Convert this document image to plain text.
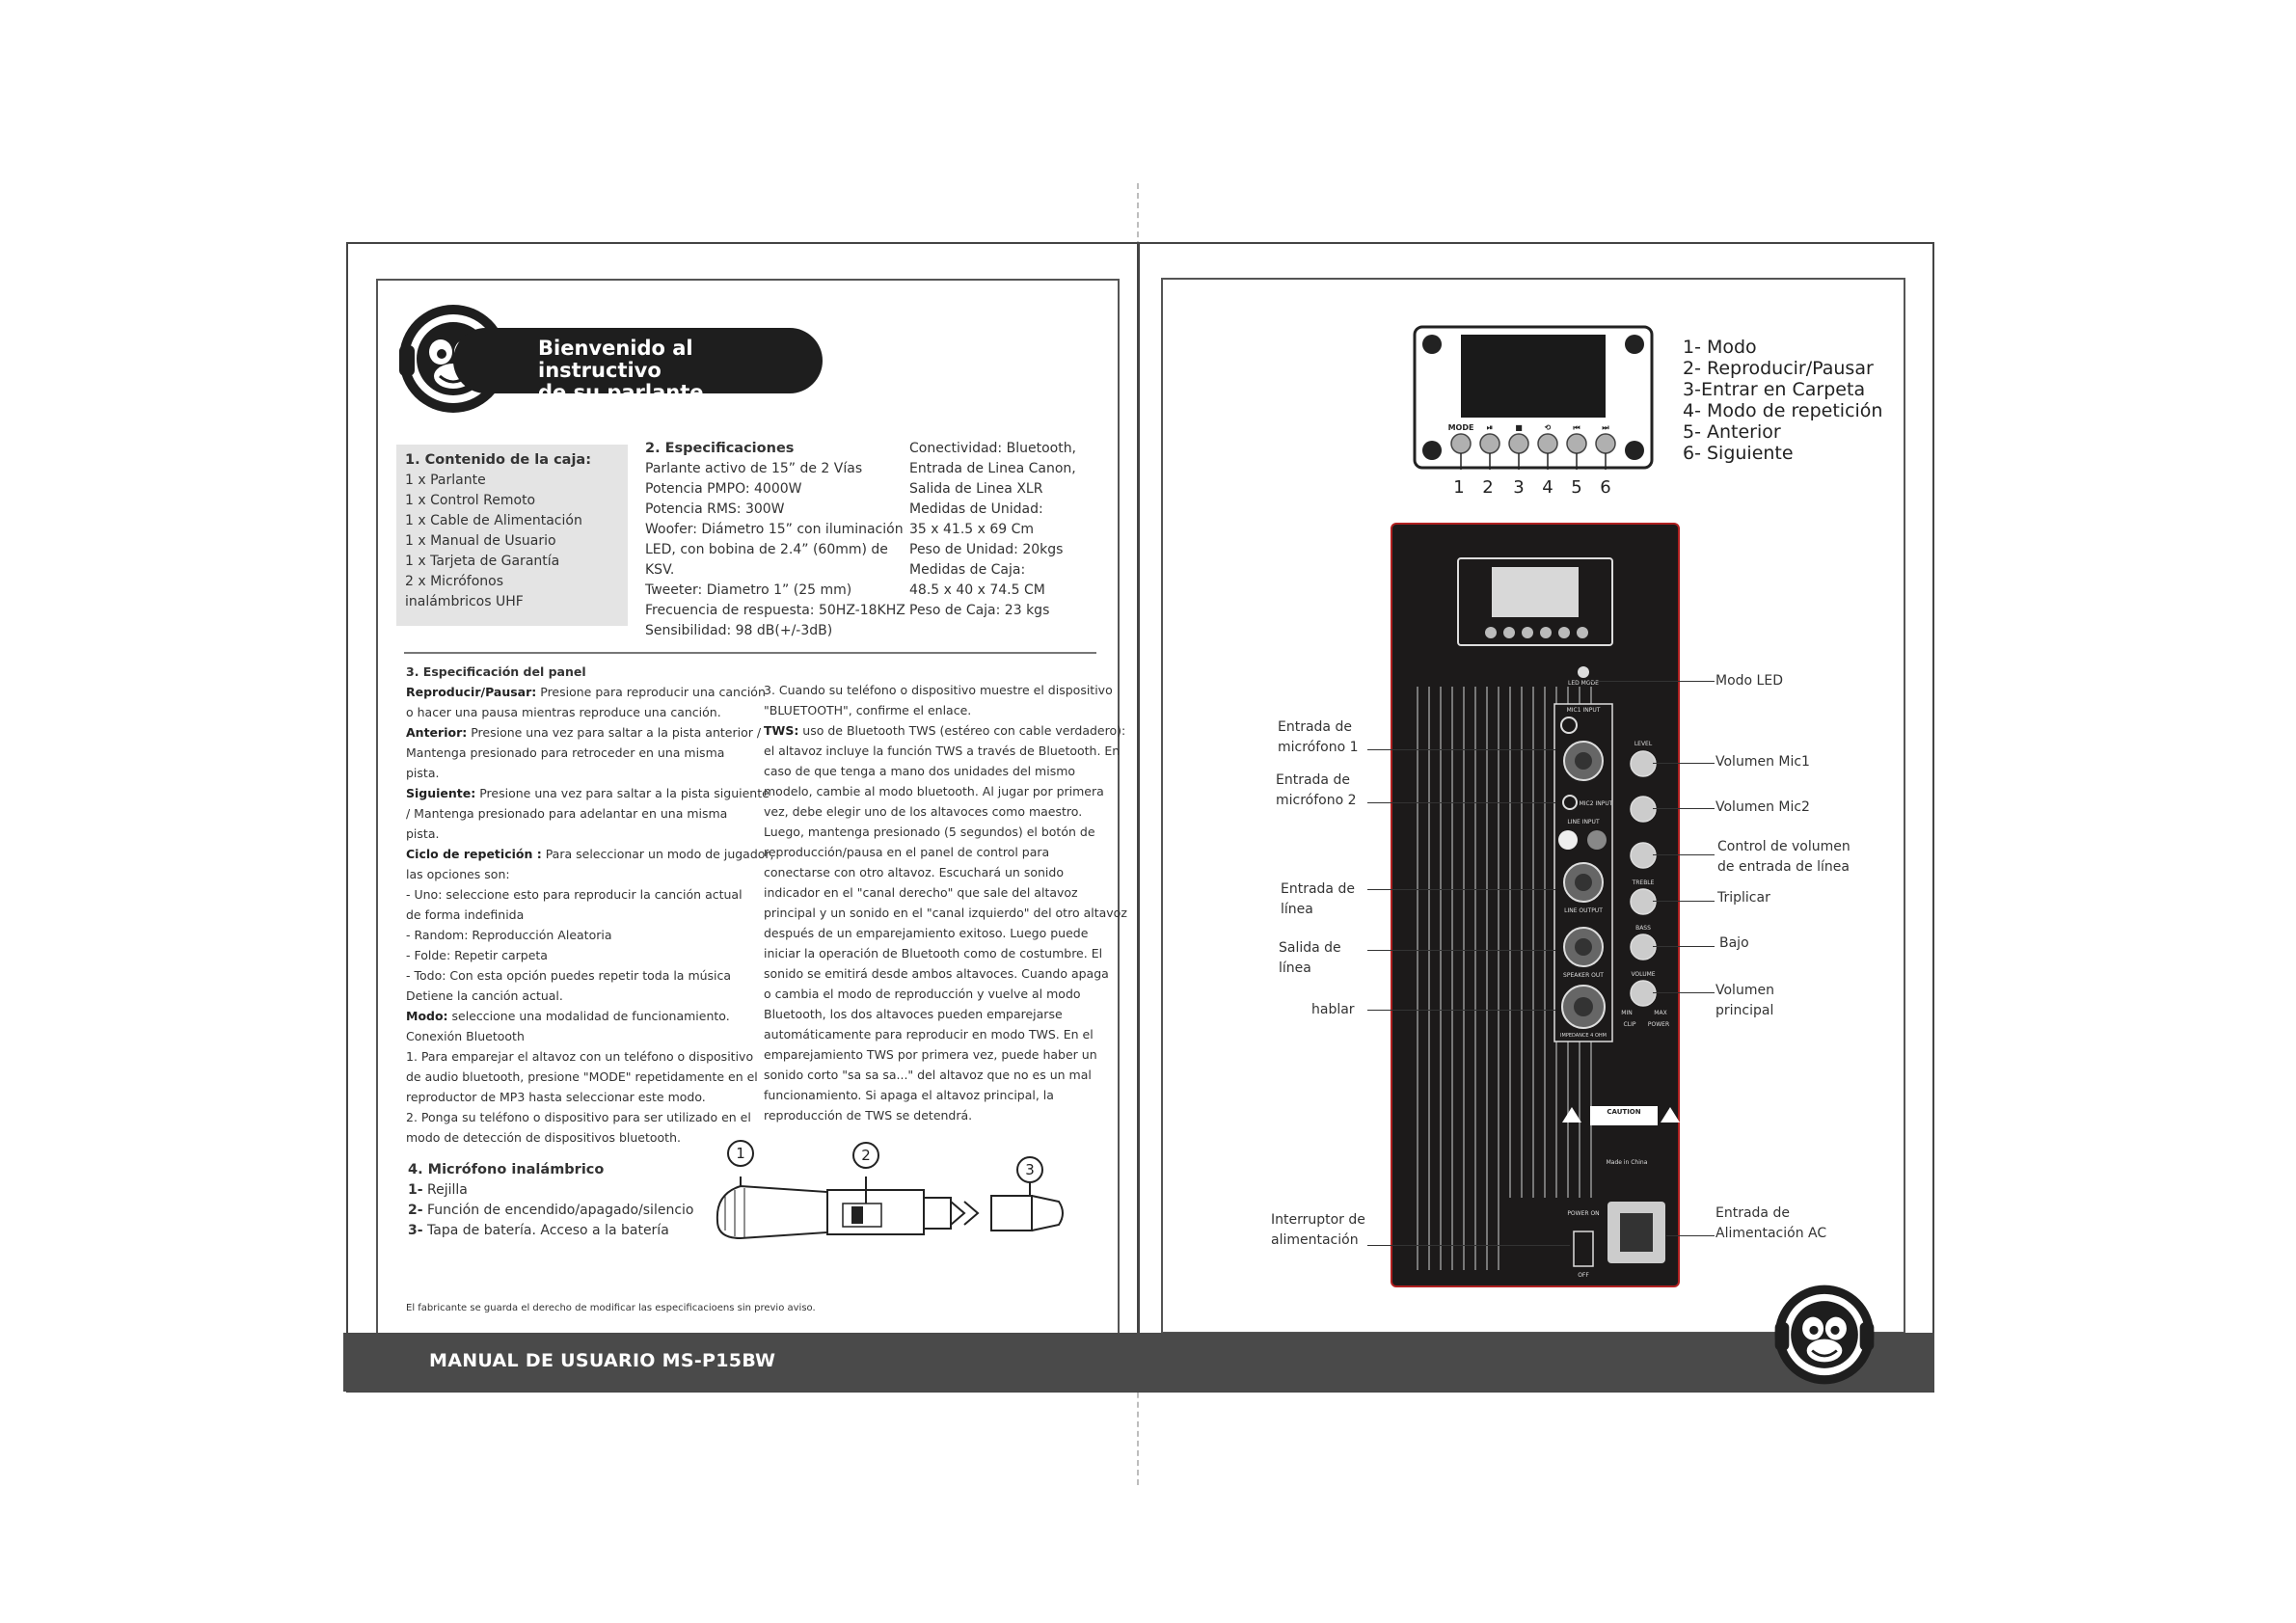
Bienvenido al instructivo
de su parlante
1. Contenido de la caja:
1 x Parlante
1 x Control Remoto
1 x Cable de Alimentación
1 x Manual de Usuario
1 x Tarjeta de Garantía
2 x Micrófonos
inalámbricos UHF
2. Especificaciones
Parlante activo de 15” de 2 Vías
Potencia PMPO: 4000W
Potencia RMS: 300W
Woofer: Diámetro 15” con iluminación
LED, con bobina de 2.4” (60mm) de
KSV.
Tweeter: Diametro 1” (25 mm)
Frecuencia de respuesta: 50HZ-18KHZ
Sensibilidad: 98 dB(+/-3dB)
Conectividad: Bluetooth,
Entrada de Linea Canon,
Salida de Linea XLR
Medidas de Unidad:
35 x 41.5 x 69 Cm
Peso de Unidad: 20kgs
Medidas de Caja:
48.5 x 40 x 74.5 CM
Peso de Caja: 23 kgs
3. Especificación del panel
Reproducir/Pausar: Presione para reproducir una canción
o hacer una pausa mientras reproduce una canción.
Anterior: Presione una vez para saltar a la pista anterior /
Mantenga presionado para retroceder en una misma
pista.
Siguiente: Presione una vez para saltar a la pista siguiente
/ Mantenga presionado para adelantar en una misma
pista.
Ciclo de repetición : Para seleccionar un modo de jugador,
las opciones son:
- Uno: seleccione esto para reproducir la canción actual
de forma indefinida
- Random: Reproducción Aleatoria
- Folde: Repetir carpeta
- Todo: Con esta opción puedes repetir toda la música
Detiene la canción actual.
Modo: seleccione una modalidad de funcionamiento.
Conexión Bluetooth
1. Para emparejar el altavoz con un teléfono o dispositivo
de audio bluetooth, presione "MODE" repetidamente en el
reproductor de MP3 hasta seleccionar este modo.
2. Ponga su teléfono o dispositivo para ser utilizado en el
modo de detección de dispositivos bluetooth.
3. Cuando su teléfono o dispositivo muestre el dispositivo
"BLUETOOTH", confirme el enlace.
TWS: uso de Bluetooth TWS (estéreo con cable verdadero):
el altavoz incluye la función TWS a través de Bluetooth. En
caso de que tenga a mano dos unidades del mismo
modelo, cambie al modo bluetooth. Al jugar por primera
vez, debe elegir uno de los altavoces como maestro.
Luego, mantenga presionado (5 segundos) el botón de
reproducción/pausa en el panel de control para
conectarse con otro altavoz. Escuchará un sonido
indicador en el "canal derecho" que sale del altavoz
principal y un sonido en el "canal izquierdo" del otro altavoz
después de un emparejamiento exitoso. Luego puede
iniciar la operación de Bluetooth como de costumbre. El
sonido se emitirá desde ambos altavoces. Cuando apaga
o cambia el modo de reproducción y vuelve al modo
Bluetooth, los dos altavoces pueden emparejarse
automáticamente para reproducir en modo TWS. En el
emparejamiento TWS por primera vez, puede haber un
sonido corto "sa sa sa..." del altavoz que no es un mal
funcionamiento. Si apaga el altavoz principal, la
reproducción de TWS se detendrá.
4. Micrófono inalámbrico
1- Rejilla
2- Función de encendido/apagado/silencio
3- Tapa de batería. Acceso a la batería
1	2
3
El fabricante se guarda el derecho de modificar las especificacioens sin previo aviso.
MANUAL DE USUARIO MS-P15BW
MODE ⏯	■	⟲	⏮	⏭
1 2 3 4 5 6
1- Modo
2- Reproducir/Pausar
3-Entrar en Carpeta
4- Modo de repetición
5- Anterior
6- Siguiente
LED MODE
MIC1 INPUT
MIC2 INPUT
LINE INPUT
LINE OUTPUT
SPEAKER OUT
IMPEDANCE 4 OHM
LEVEL
TREBLE
BASS
VOLUME
MIN	MAX
CLIP POWER
CAUTION
Made in China
POWER ON
OFF
Entrada de
micrófono 1
Entrada de
micrófono 2
Entrada de
línea
Salida de
línea
hablar
Interruptor de
alimentación
Modo LED
Volumen Mic1
Volumen Mic2
Control de volumen
de entrada de línea
Triplicar
Bajo
Volumen
principal
Entrada de
Alimentación AC
